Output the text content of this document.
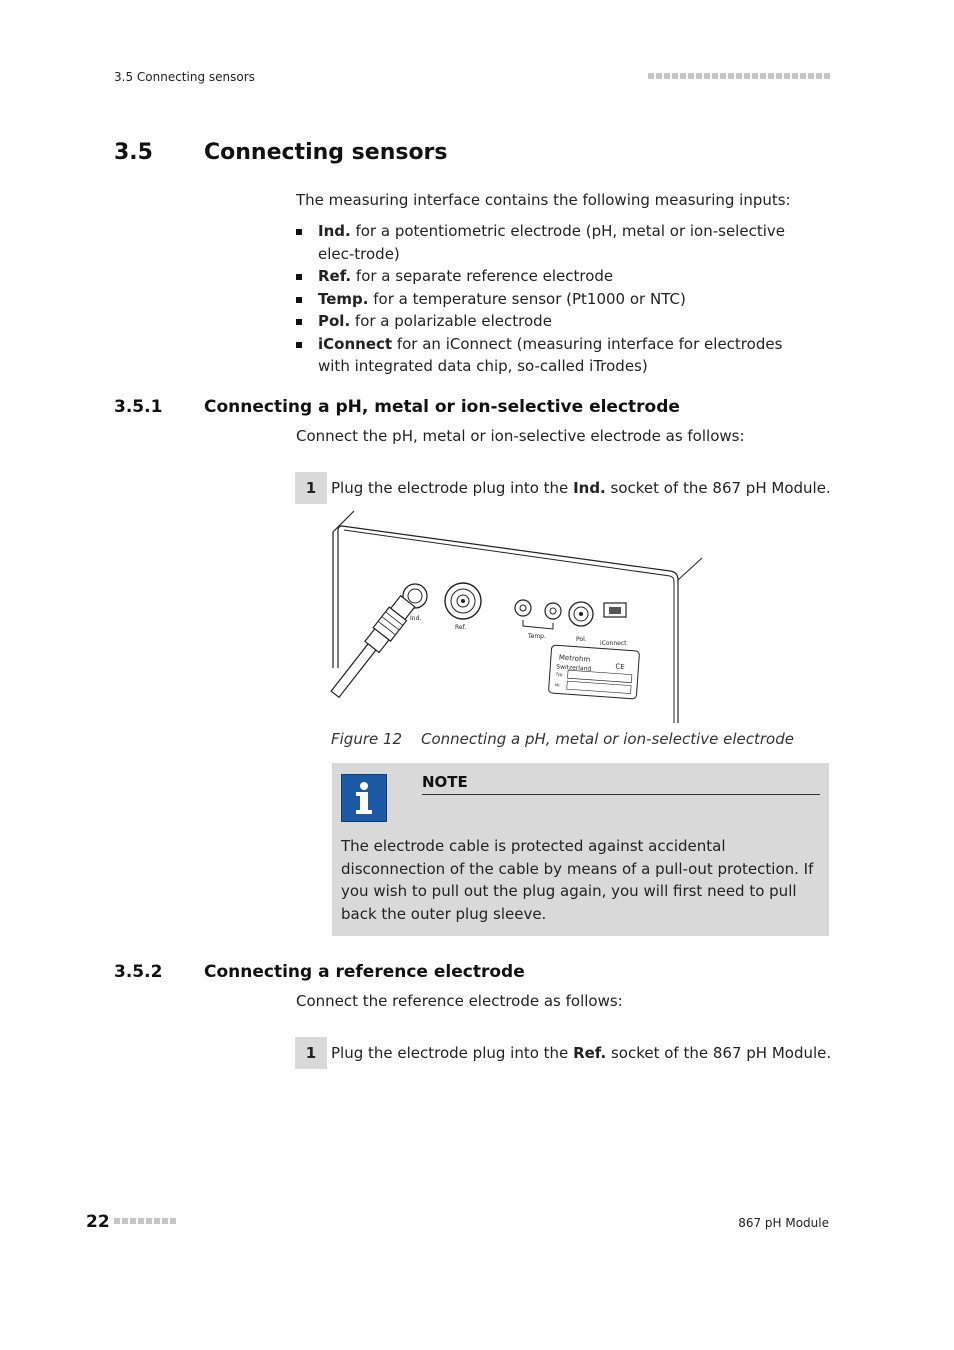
3.5 Connecting sensors
3.5 Connecting sensors
The measuring interface contains the following measuring inputs:
Ind. for a potentiometric electrode (pH, metal or ion-selective elec-trode)
Ref. for a separate reference electrode
Temp. for a temperature sensor (Pt1000 or NTC)
Pol. for a polarizable electrode
iConnect for an iConnect (measuring interface for electrodes with integrated data chip, so-called iTrodes)
3.5.1 Connecting a pH, metal or ion-selective electrode
Connect the pH, metal or ion-selective electrode as follows:
1 Plug the electrode plug into the Ind. socket of the 867 pH Module.
Ind.
Ref.
Temp.	Pol.
iConnect
Metrohm
CE
Switzerland
Typ
Nr.
Figure 12 Connecting a pH, metal or ion-selective electrode
NOTE
The electrode cable is protected against accidental disconnection of the cable by means of a pull-out protection. If you wish to pull out the plug again, you will first need to pull back the outer plug sleeve.
3.5.2 Connecting a reference electrode
Connect the reference electrode as follows:
1 Plug the electrode plug into the Ref. socket of the 867 pH Module.
22	867 pH Module
